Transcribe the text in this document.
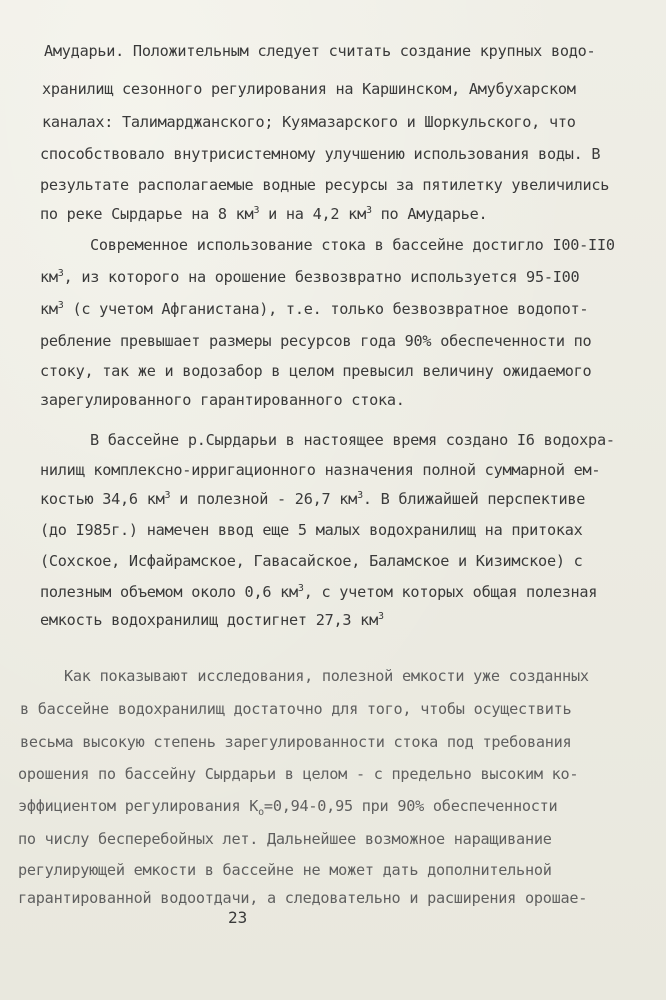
Амударьи. Положительным следует считать создание крупных водо-
хранилищ сезонного регулирования на Каршинском, Амубухарском
каналах: Талимарджанского; Куямазарского и Шоркульского, что
способствовало внутрисистемному улучшению использования воды. В
результате располагаемые водные ресурсы за пятилетку увеличились
по реке Сырдарье на 8 $км^3$ и на 4,2 $км^3$ по Амударье.
Современное использование стока в бассейне достигло I00-II0
$км^3$, из которого на орошение безвозвратно используется 95-I00
$км^3$ (с учетом Афганистана), т.е. только безвозвратное водопот-
ребление превышает размеры ресурсов года 90% обеспеченности по
стоку, так же и водозабор в целом превысил величину ожидаемого
зарегулированного гарантированного стока.
В бассейне р.Сырдарьи в настоящее время создано I6 водохра-
нилищ комплексно-ирригационного назначения полной суммарной ем-
костью 34,6 $км^3$ и полезной - 26,7 $км^3$. В ближайшей перспективе
(до I985г.) намечен ввод еще 5 малых водохранилищ на притоках
(Сохское, Исфайрамское, Гавасайское, Баламское и Кизимское) с
полезным объемом около 0,6 $км^3$, с учетом которых общая полезная
емкость водохранилищ достигнет 27,3 $км^3$
Как показывают исследования, полезной емкости уже созданных
в бассейне водохранилищ достаточно для того, чтобы осуществить
весьма высокую степень зарегулированности стока под требования
орошения по бассейну Сырдарьи в целом - с предельно высоким ко-
эффициентом регулирования $К_о=0,94-0,95$ при 90% обеспеченности
по числу бесперебойных лет. Дальнейшее возможное наращивание
регулирующей емкости в бассейне не может дать дополнительной
гарантированной водоотдачи, а следовательно и расширения орошае-
23
